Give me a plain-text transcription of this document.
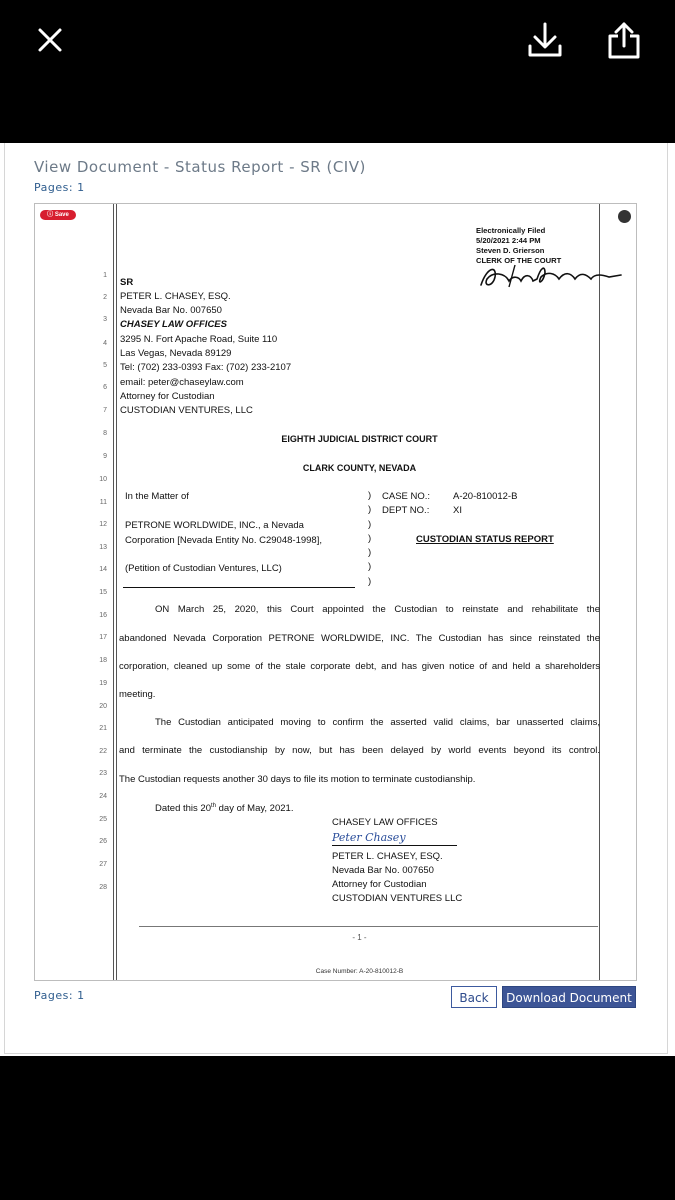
View Document - Status Report - SR (CIV)
Pages: 1
ⓘ Save
Electronically Filed
5/20/2021 2:44 PM
Steven D. Grierson
CLERK OF THE COURT
1
2
3
4
5
6
7
8
9
10
11
12
13
14
15
16
17
18
19
20
21
22
23
24
25
26
27
28
SR
PETER L. CHASEY, ESQ.
Nevada Bar No. 007650
CHASEY LAW OFFICES
3295 N. Fort Apache Road, Suite 110
Las Vegas, Nevada 89129
Tel: (702) 233-0393 Fax: (702) 233-2107
email: peter@chaseylaw.com
Attorney for Custodian
CUSTODIAN VENTURES, LLC
EIGHTH JUDICIAL DISTRICT COURT
CLARK COUNTY, NEVADA
In the Matter of
PETRONE WORLDWIDE, INC., a Nevada
Corporation [Nevada Entity No. C29048-1998],
(Petition of Custodian Ventures, LLC)
)
)
)
)
)
)
)
CASE NO.: A-20-810012-B
DEPT NO.: XI
CUSTODIAN STATUS REPORT
ON March 25, 2020, this Court appointed the Custodian to reinstate and rehabilitate the
abandoned Nevada Corporation PETRONE WORLDWIDE, INC. The Custodian has since reinstated the
corporation, cleaned up some of the stale corporate debt, and has given notice of and held a shareholders
meeting.
The Custodian anticipated moving to confirm the asserted valid claims, bar unasserted claims,
and terminate the custodianship by now, but has been delayed by world events beyond its control.
The Custodian requests another 30 days to file its motion to terminate custodianship.
Dated this 20th day of May, 2021.
CHASEY LAW OFFICES
Peter Chasey
PETER L. CHASEY, ESQ.
Nevada Bar No. 007650
Attorney for Custodian
CUSTODIAN VENTURES LLC
- 1 -
Case Number: A-20-810012-B
Pages: 1	Back	Download Document
